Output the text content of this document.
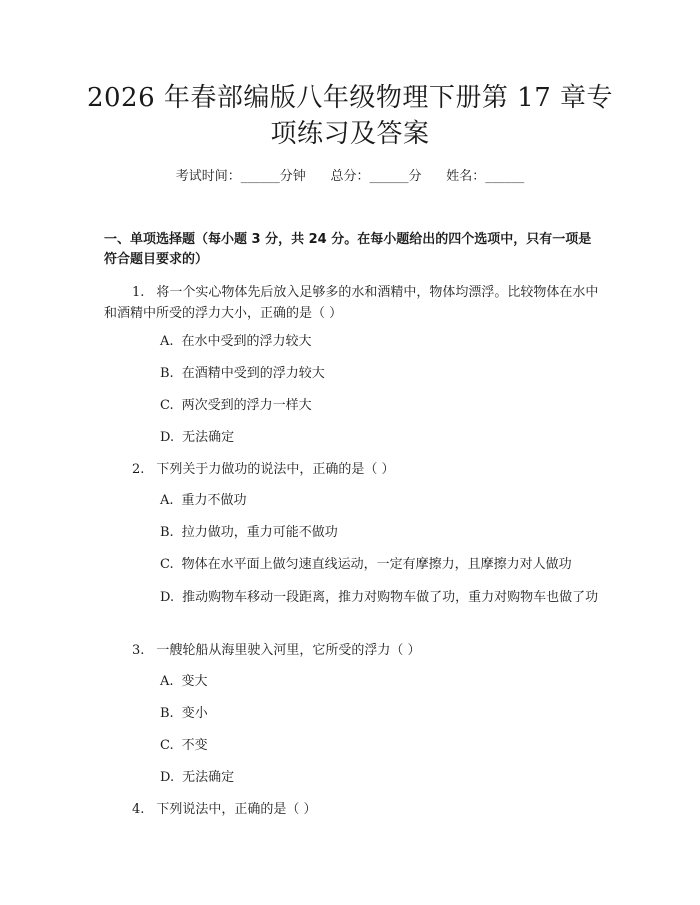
2026 年春部编版八年级物理下册第 17 章专
项练习及答案
考试时间：______分钟      总分：______分      姓名：______
一、单项选择题（每小题 3 分，共 24 分。在每小题给出的四个选项中，只有一项是符合题目要求的）
1. 将一个实心物体先后放入足够多的水和酒精中，物体均漂浮。比较物体在水中和酒精中所受的浮力大小，正确的是（ ）
A. 在水中受到的浮力较大
B. 在酒精中受到的浮力较大
C. 两次受到的浮力一样大
D. 无法确定
2. 下列关于力做功的说法中，正确的是（ ）
A. 重力不做功
B. 拉力做功，重力可能不做功
C. 物体在水平面上做匀速直线运动，一定有摩擦力，且摩擦力对人做功
D. 推动购物车移动一段距离，推力对购物车做了功，重力对购物车也做了功
3. 一艘轮船从海里驶入河里，它所受的浮力（ ）
A. 变大
B. 变小
C. 不变
D. 无法确定
4. 下列说法中，正确的是（ ）
